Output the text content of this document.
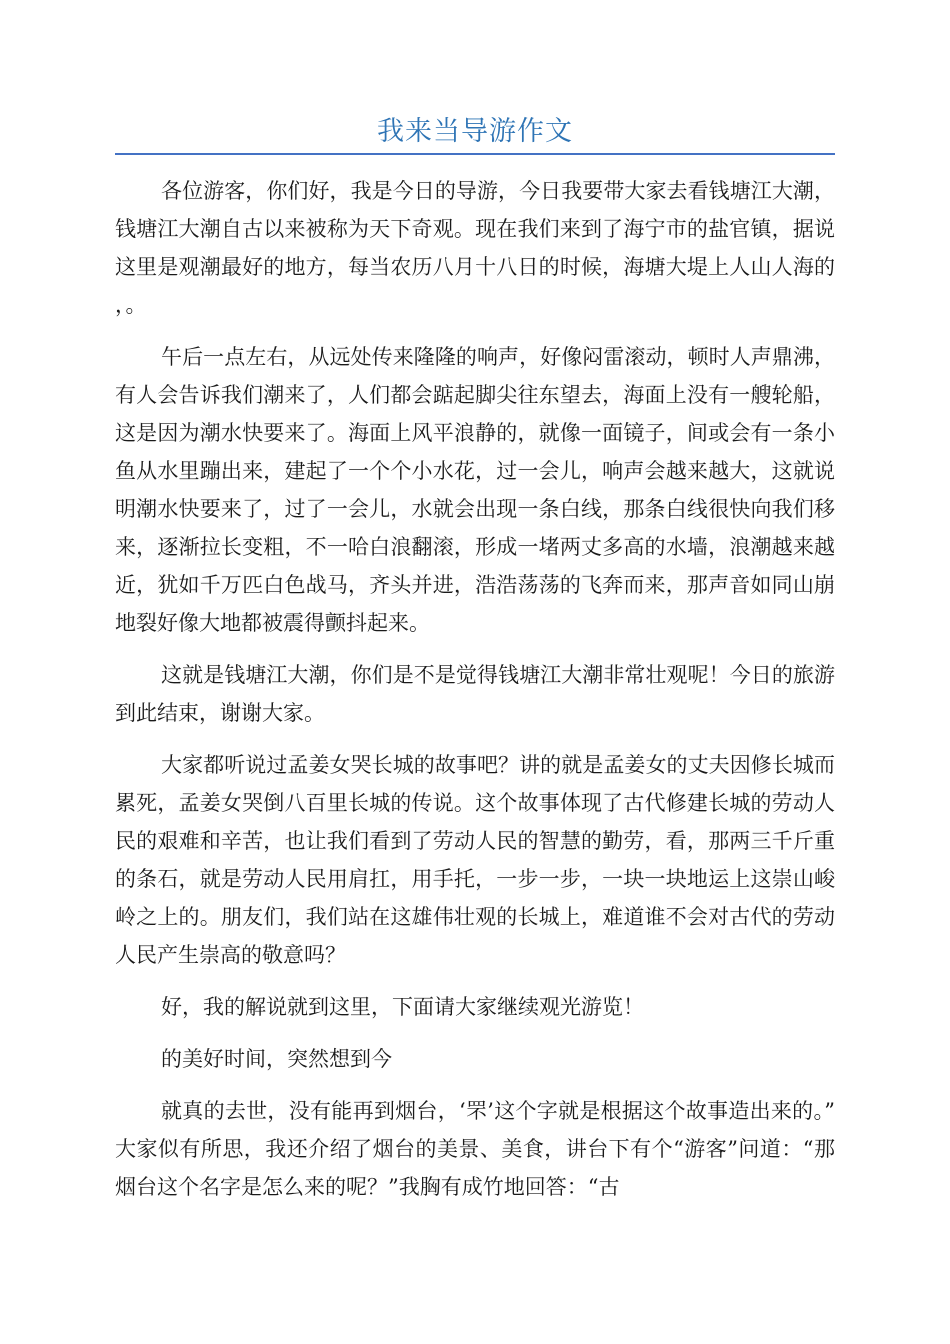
我来当导游作文

各位游客，你们好，我是今日的导游，今日我要带大家去看钱塘江大潮，钱塘江大潮自古以来被称为天下奇观。现在我们来到了海宁市的盐官镇，据说这里是观潮最好的地方，每当农历八月十八日的时候，海塘大堤上人山人海的，。

午后一点左右，从远处传来隆隆的响声，好像闷雷滚动，顿时人声鼎沸，有人会告诉我们潮来了，人们都会踮起脚尖往东望去，海面上没有一艘轮船，这是因为潮水快要来了。海面上风平浪静的，就像一面镜子，间或会有一条小鱼从水里蹦出来，建起了一个个小水花，过一会儿，响声会越来越大，这就说明潮水快要来了，过了一会儿，水就会出现一条白线，那条白线很快向我们移来，逐渐拉长变粗，不一哈白浪翻滚，形成一堵两丈多高的水墙，浪潮越来越近，犹如千万匹白色战马，齐头并进，浩浩荡荡的飞奔而来，那声音如同山崩地裂好像大地都被震得颤抖起来。

这就是钱塘江大潮，你们是不是觉得钱塘江大潮非常壮观呢！今日的旅游到此结束，谢谢大家。

大家都听说过孟姜女哭长城的故事吧？讲的就是孟姜女的丈夫因修长城而累死，孟姜女哭倒八百里长城的传说。这个故事体现了古代修建长城的劳动人民的艰难和辛苦，也让我们看到了劳动人民的智慧的勤劳，看，那两三千斤重的条石，就是劳动人民用肩扛，用手托，一步一步，一块一块地运上这崇山峻岭之上的。朋友们，我们站在这雄伟壮观的长城上，难道谁不会对古代的劳动人民产生崇高的敬意吗？

好，我的解说就到这里，下面请大家继续观光游览！

的美好时间，突然想到今

就真的去世，没有能再到烟台，‘罘’这个字就是根据这个故事造出来的。”大家似有所思，我还介绍了烟台的美景、美食，讲台下有个“游客”问道：“那烟台这个名字是怎么来的呢？”我胸有成竹地回答：“古
